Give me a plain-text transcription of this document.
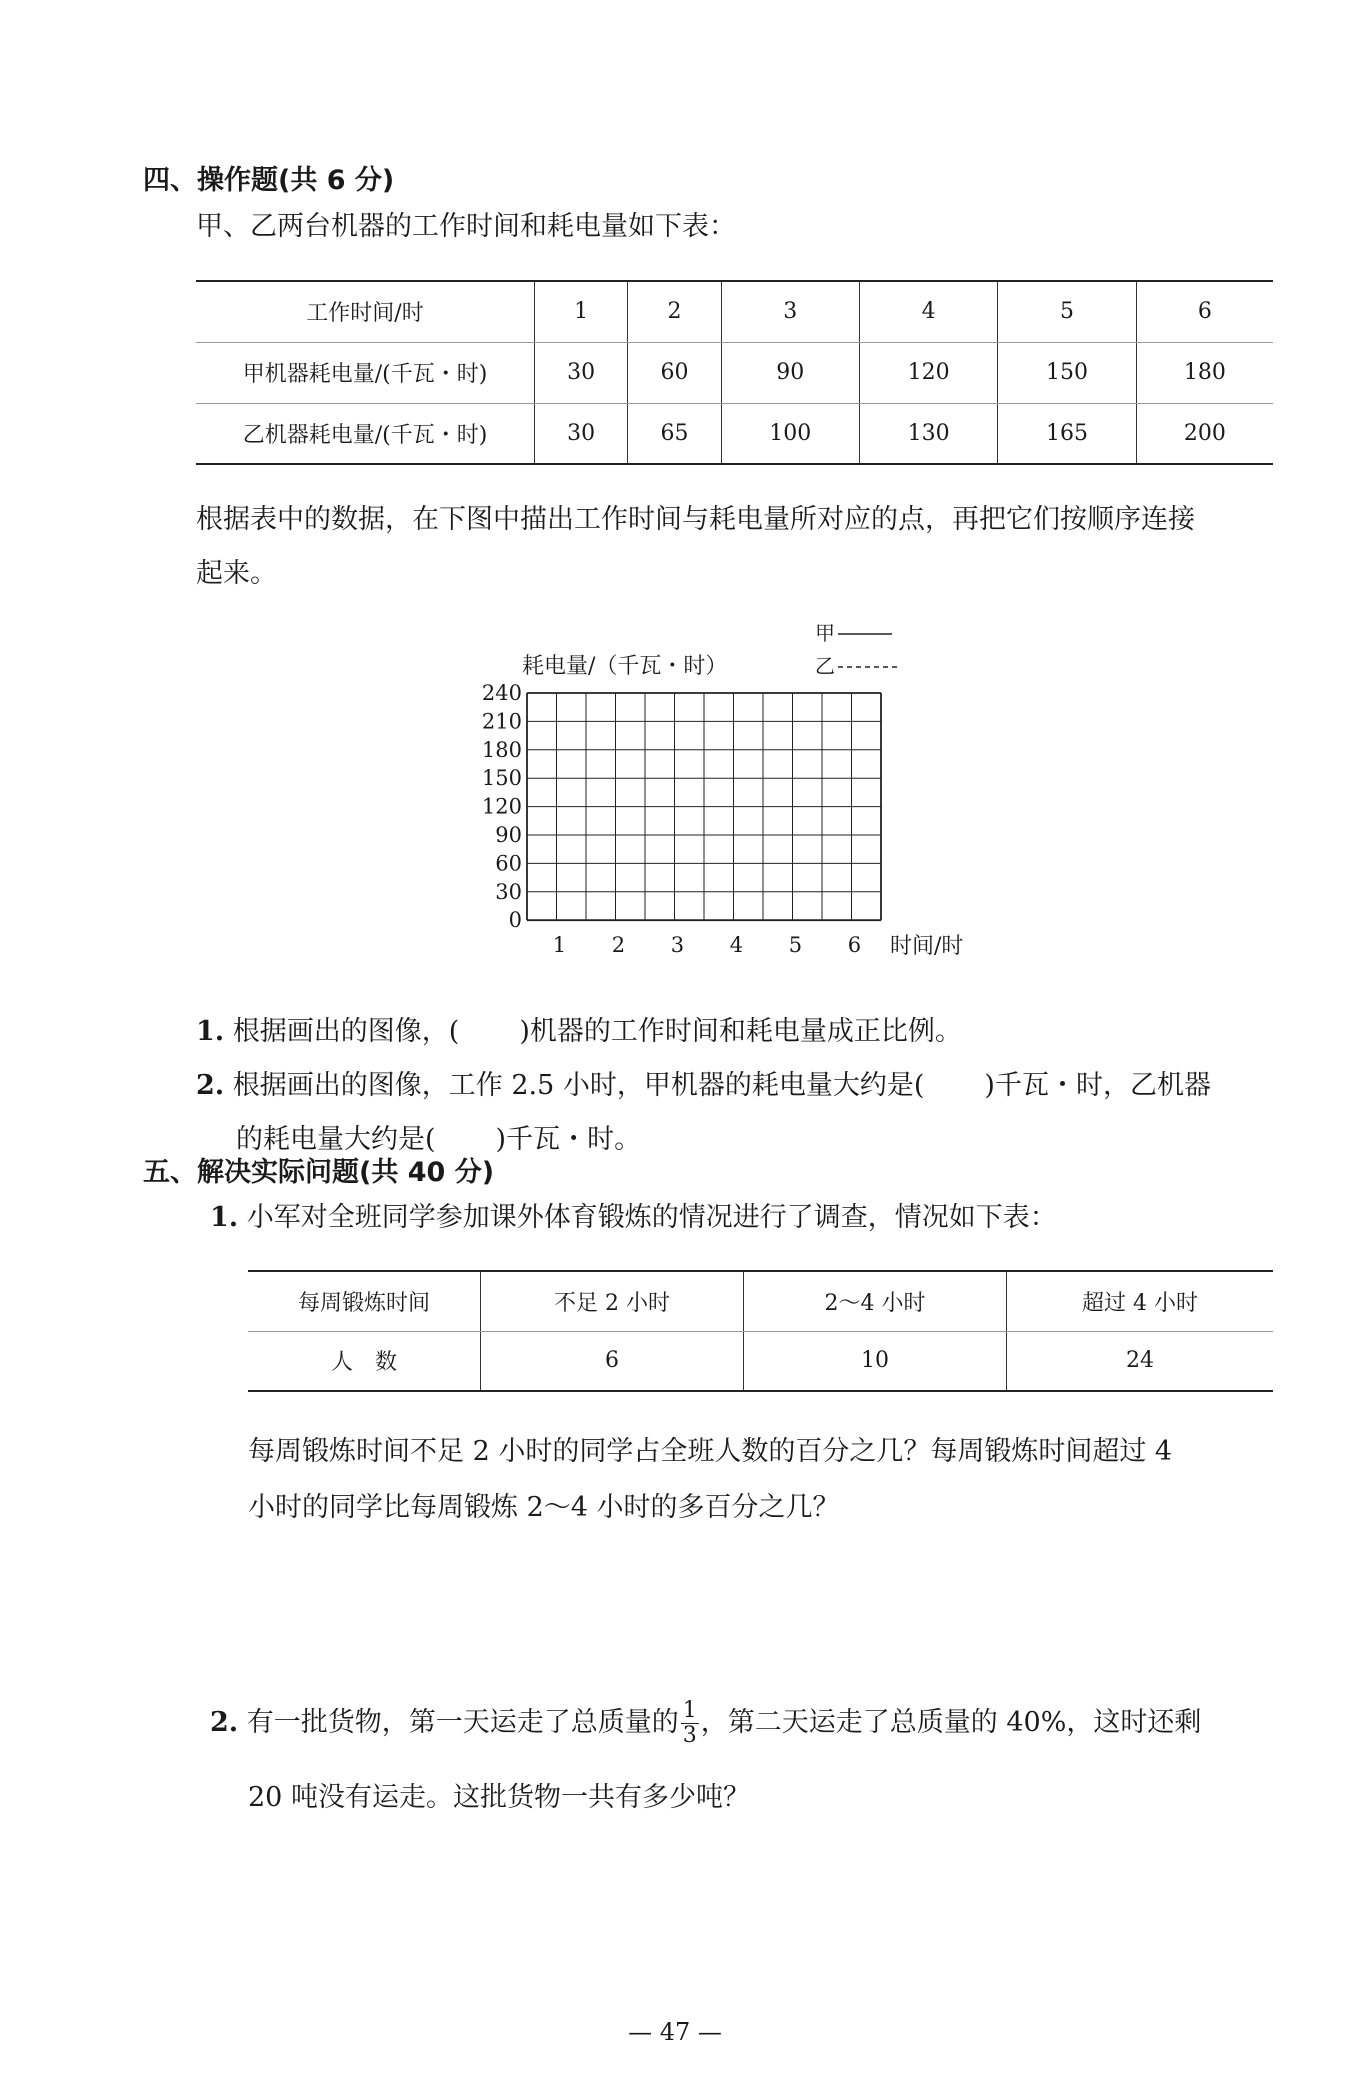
四、操作题(共 6 分)
甲、乙两台机器的工作时间和耗电量如下表：
工作时间/时	1	2	3	4	5	6
甲机器耗电量/(千瓦・时)	30	60	90	120	150	180
乙机器耗电量/(千瓦・时)	30	65	100	130	165	200
根据表中的数据，在下图中描出工作时间与耗电量所对应的点，再把它们按顺序连接
起来。
耗电量/（千瓦・时）
甲
乙
240
210
180
150
120
90
60
30
0
1 2 3 4 5 6 时间/时
1. 根据画出的图像，( )机器的工作时间和耗电量成正比例。
2. 根据画出的图像，工作 2.5 小时，甲机器的耗电量大约是( )千瓦・时，乙机器
的耗电量大约是( )千瓦・时。
五、解决实际问题(共 40 分)
1. 小军对全班同学参加课外体育锻炼的情况进行了调查，情况如下表：
每周锻炼时间	不足 2 小时	2～4 小时	超过 4 小时
人　数	6	10	24
每周锻炼时间不足 2 小时的同学占全班人数的百分之几？每周锻炼时间超过 4
小时的同学比每周锻炼 2～4 小时的多百分之几？
2. 有一批货物，第一天运走了总质量的 $\frac{1}{3}$ ，第二天运走了总质量的 40%，这时还剩
20 吨没有运走。这批货物一共有多少吨？
— 47 —
